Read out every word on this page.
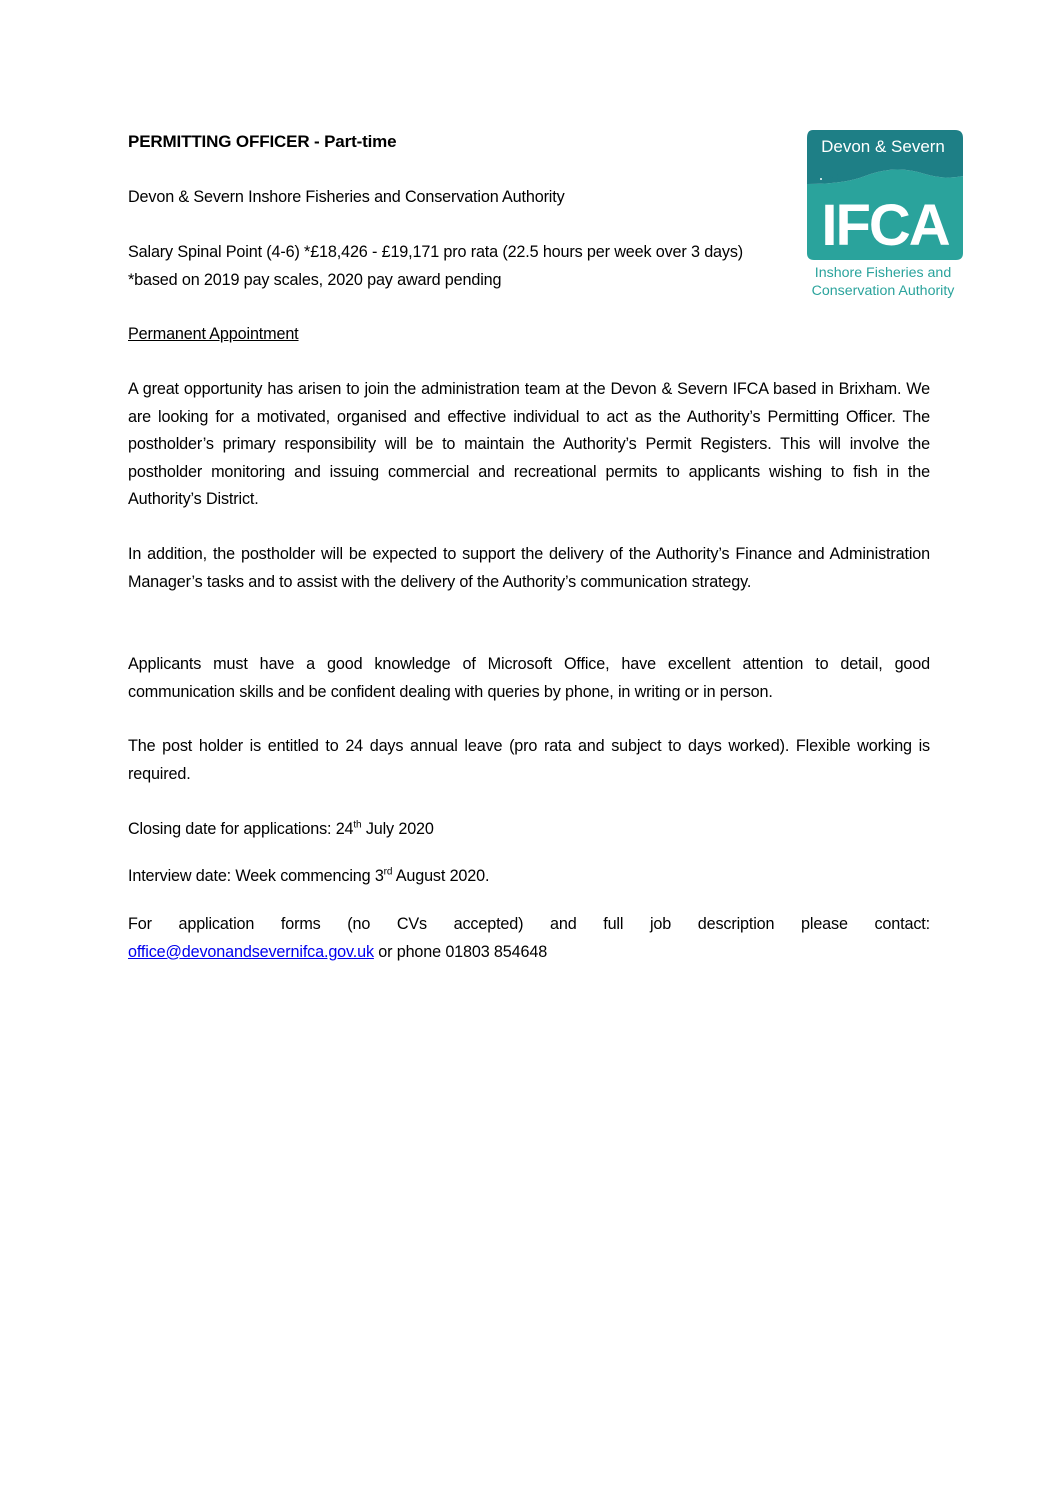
PERMITTING OFFICER - Part-time
Devon & Severn Inshore Fisheries and Conservation Authority
Salary Spinal Point (4-6) *£18,426 - £19,171 pro rata (22.5 hours per week over 3 days) *based on 2019 pay scales, 2020 pay award pending
Permanent Appointment
A great opportunity has arisen to join the administration team at the Devon & Severn IFCA based in Brixham. We are looking for a motivated, organised and effective individual to act as the Authority’s Permitting Officer. The postholder’s primary responsibility will be to maintain the Authority’s Permit Registers. This will involve the postholder monitoring and issuing commercial and recreational permits to applicants wishing to fish in the Authority’s District.
In addition, the postholder will be expected to support the delivery of the Authority’s Finance and Administration Manager’s tasks and to assist with the delivery of the Authority’s communication strategy.
Applicants must have a good knowledge of Microsoft Office, have excellent attention to detail, good communication skills and be confident dealing with queries by phone, in writing or in person.
The post holder is entitled to 24 days annual leave (pro rata and subject to days worked). Flexible working is required.
Closing date for applications: 24th July 2020
Interview date: Week commencing 3rd August 2020.
For application forms (no CVs accepted) and full job description please contact:
office@devonandsevernifca.gov.uk or phone 01803 854648
Devon & Severn
IFCA
Inshore Fisheries and
Conservation Authority
